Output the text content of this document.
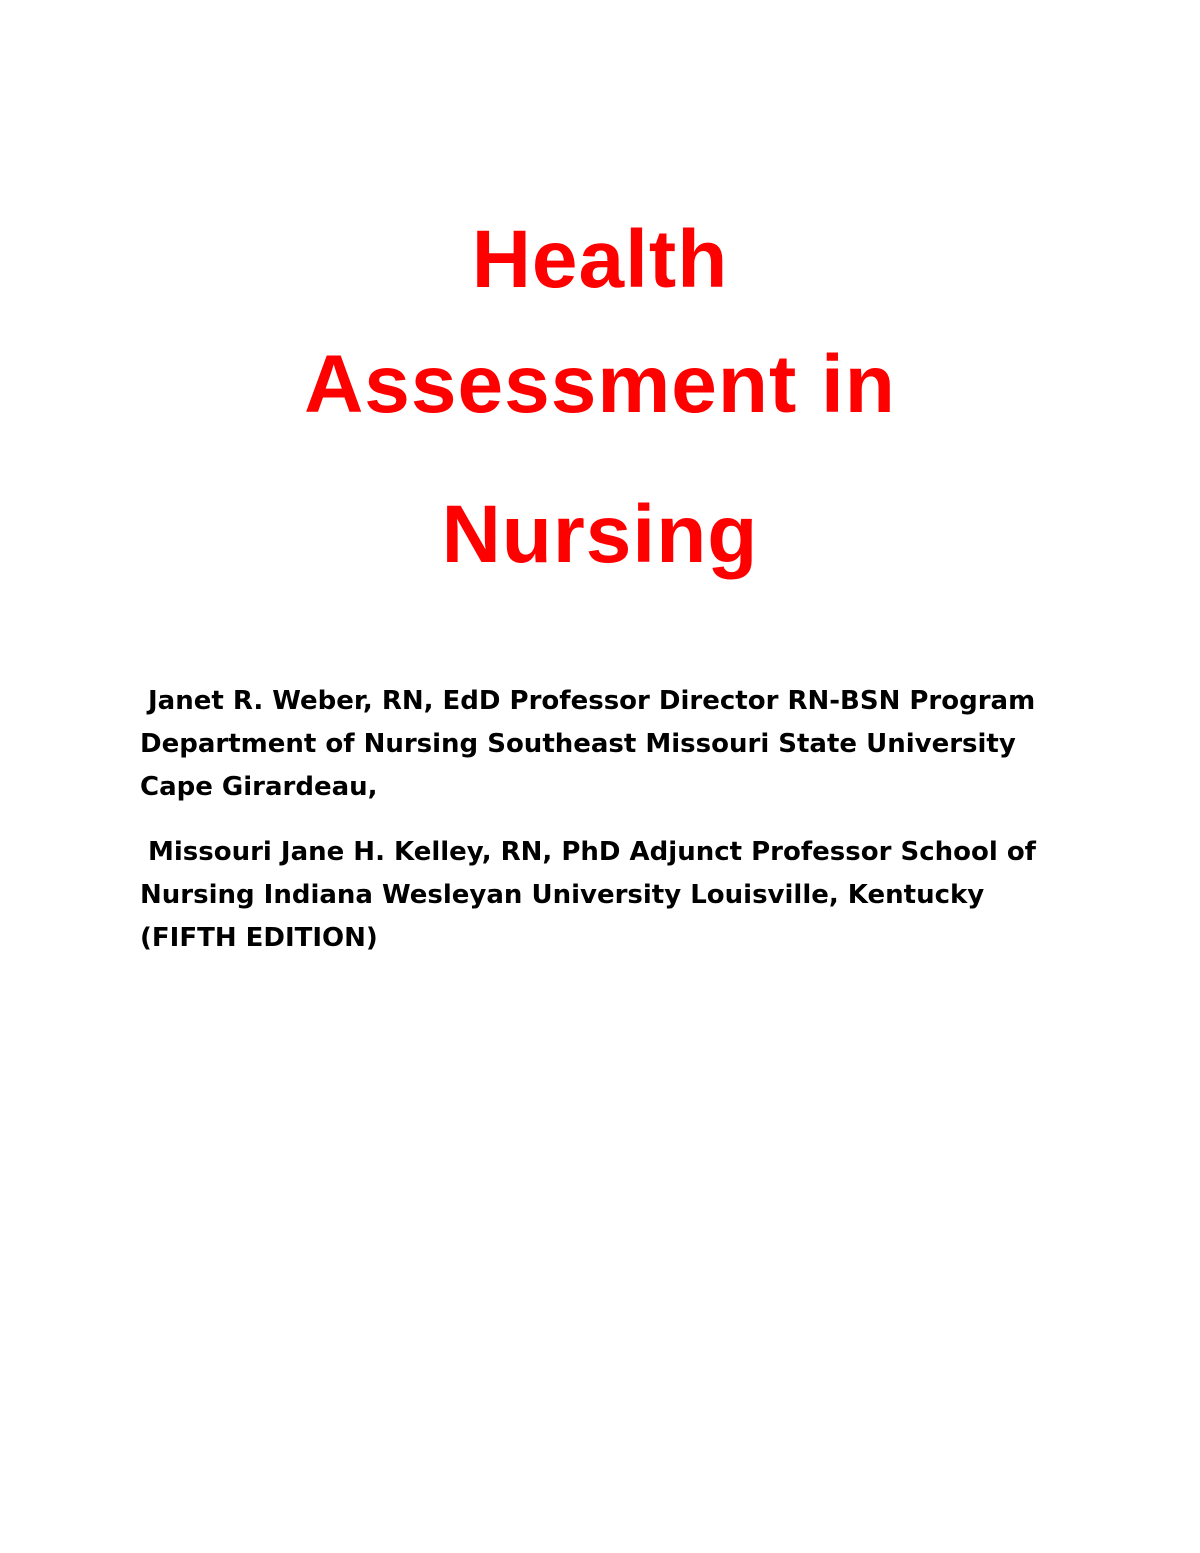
Health
Assessment in
Nursing

Janet R. Weber, RN, EdD Professor Director RN-BSN Program
Department of Nursing Southeast Missouri State University
Cape Girardeau,

Missouri Jane H. Kelley, RN, PhD Adjunct Professor School of
Nursing Indiana Wesleyan University Louisville, Kentucky
(FIFTH EDITION)
